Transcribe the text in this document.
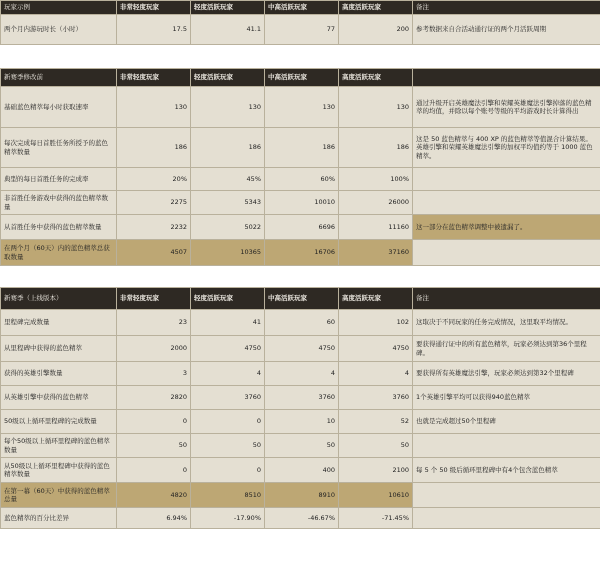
玩家示例	非常轻度玩家	轻度活跃玩家	中高活跃玩家	高度活跃玩家	备注
两个月内游玩时长（小时）	17.5	41.1	77	200	参考数据来自合活动通行证的两个月活跃周期

新赛季修改前	非常轻度玩家	轻度活跃玩家	中高活跃玩家	高度活跃玩家	
基础蓝色精萃每小时获取速率	130	130	130	130	通过升级开启英雄魔法引擎和荣耀英雄魔法引擎掉落的蓝色精萃的均值，并除以每个账号等级的平均游戏时长计算得出
每次完成每日首胜任务所授予的蓝色精萃数量	186	186	186	186	这是 50 蓝色精萃与 400 XP 的蓝色精萃等值混合计算结果。英雄引擎和荣耀英雄魔法引擎的加权平均值约等于 1000 蓝色精萃。
典型的每日首胜任务的完成率	20%	45%	60%	100%	
非首胜任务游戏中获得的蓝色精萃数量	2275	5343	10010	26000	
从首胜任务中获得的蓝色精萃数量	2232	5022	6696	11160	这一部分在蓝色精萃调整中被遗漏了。
在两个月（60天）内的蓝色精萃总获取数量	4507	10365	16706	37160	

新赛季（上线版本）	非常轻度玩家	轻度活跃玩家	中高活跃玩家	高度活跃玩家	备注
里程碑完成数量	23	41	60	102	这取决于不同玩家的任务完成情况，这里取平均情况。
从里程碑中获得的蓝色精萃	2000	4750	4750	4750	要获得通行证中的所有蓝色精萃，玩家必须达到第36个里程碑。
获得的英雄引擎数量	3	4	4	4	要获得所有英雄魔法引擎，玩家必须达到第32个里程碑
从英雄引擎中获得的蓝色精萃	2820	3760	3760	3760	1个英雄引擎平均可以获得940蓝色精萃
50级以上循环里程碑的完成数量	0	0	10	52	也就是完成超过50个里程碑
每个50级以上循环里程碑的蓝色精萃数量	50	50	50	50	
从50级以上循环里程碑中获得的蓝色精萃数量	0	0	400	2100	每 5 个 50 级后循环里程碑中有4个包含蓝色精萃
在第一幕（60天）中获得的蓝色精萃总量	4820	8510	8910	10610	
蓝色精萃的百分比差异	6.94%	-17.90%	-46.67%	-71.45%	
